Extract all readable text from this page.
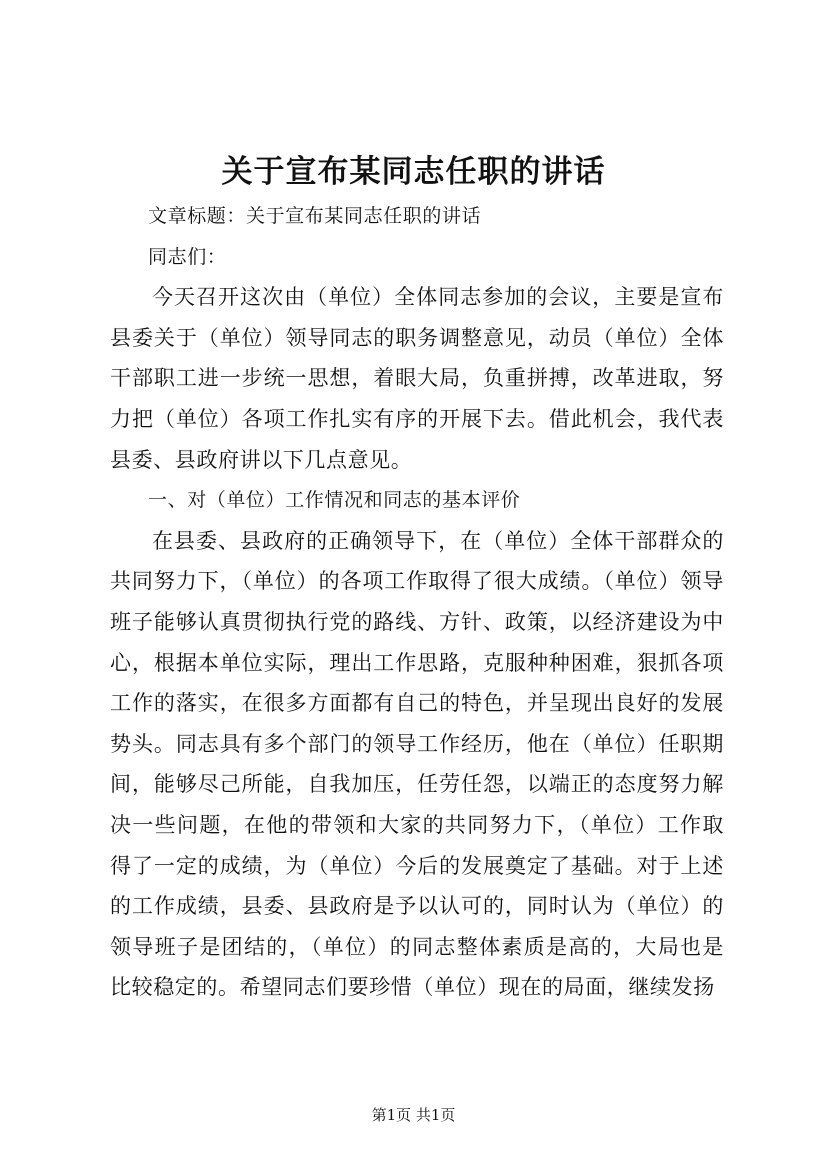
关于宣布某同志任职的讲话

文章标题：关于宣布某同志任职的讲话

同志们：

今天召开这次由（单位）全体同志参加的会议，主要是宣布县委关于（单位）领导同志的职务调整意见，动员（单位）全体干部职工进一步统一思想，着眼大局，负重拼搏，改革进取，努力把（单位）各项工作扎实有序的开展下去。借此机会，我代表县委、县政府讲以下几点意见。

一、对（单位）工作情况和同志的基本评价

在县委、县政府的正确领导下，在（单位）全体干部群众的共同努力下，（单位）的各项工作取得了很大成绩。（单位）领导班子能够认真贯彻执行党的路线、方针、政策，以经济建设为中心，根据本单位实际，理出工作思路，克服种种困难，狠抓各项工作的落实，在很多方面都有自己的特色，并呈现出良好的发展势头。同志具有多个部门的领导工作经历，他在（单位）任职期间，能够尽己所能，自我加压，任劳任怨，以端正的态度努力解决一些问题，在他的带领和大家的共同努力下，（单位）工作取得了一定的成绩，为（单位）今后的发展奠定了基础。对于上述的工作成绩，县委、县政府是予以认可的，同时认为（单位）的领导班子是团结的，（单位）的同志整体素质是高的，大局也是比较稳定的。希望同志们要珍惜（单位）现在的局面，继续发扬

第1页 共1页
